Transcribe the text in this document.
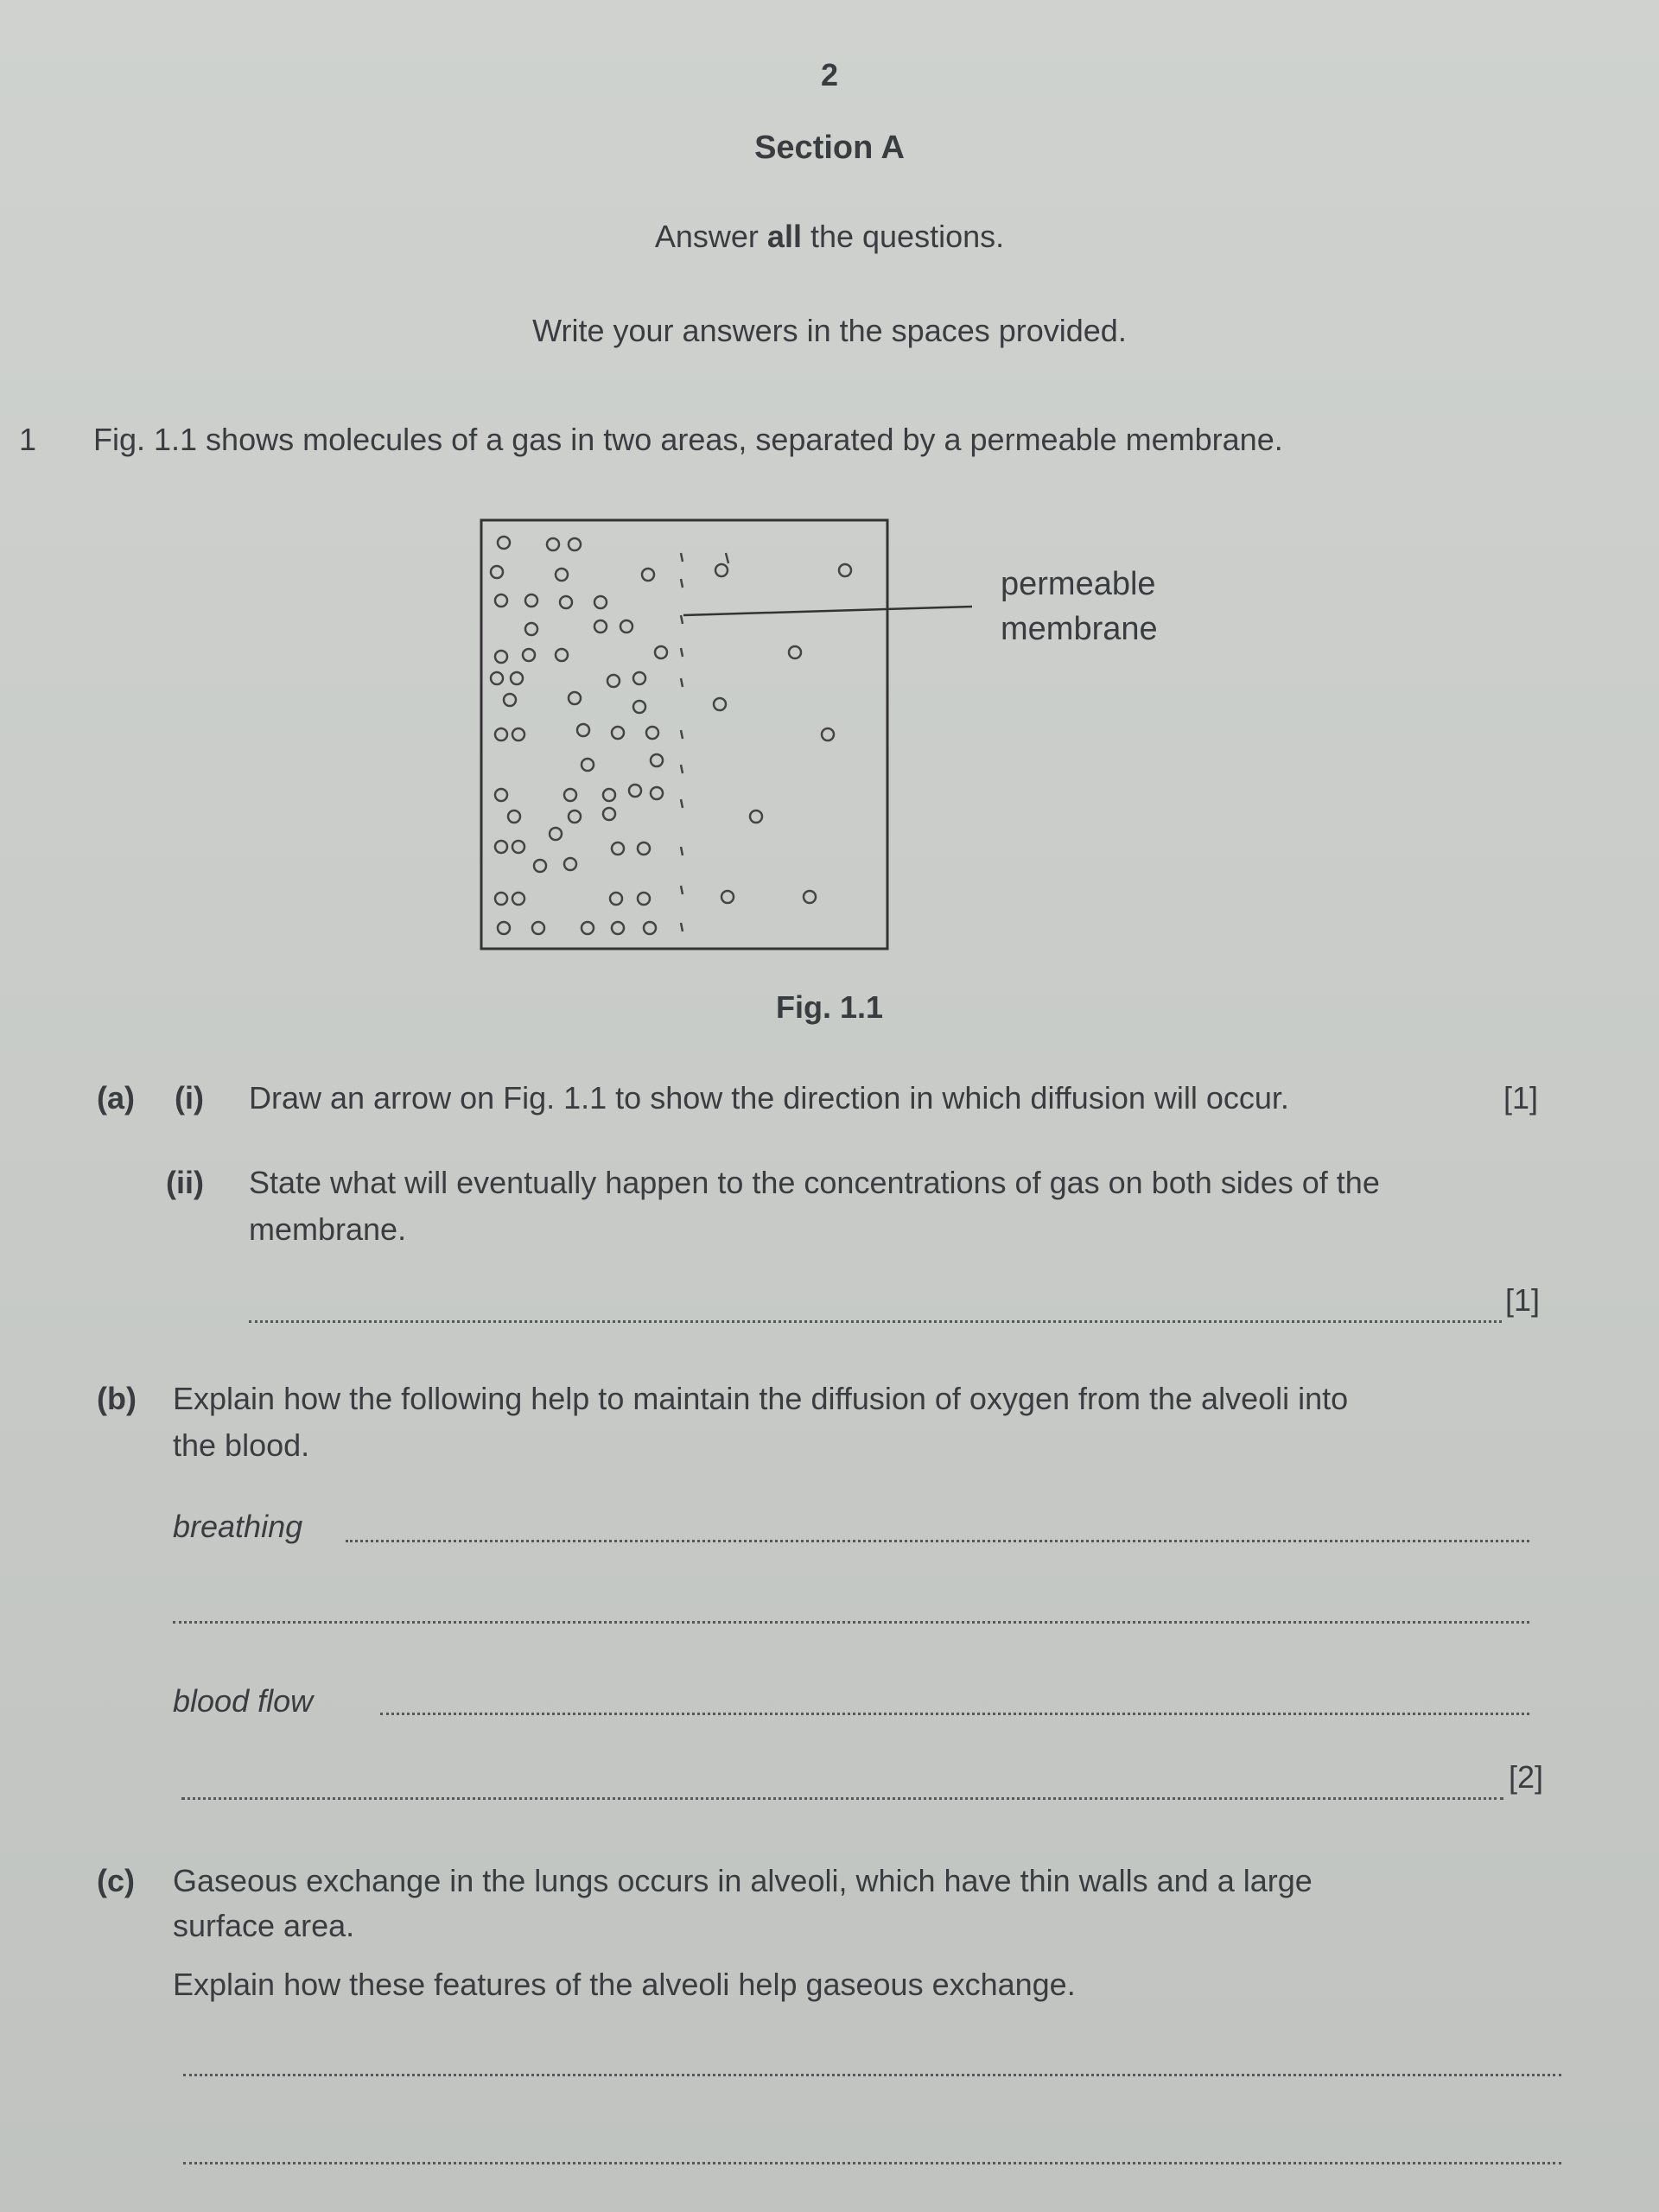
2
Section A
Answer all the questions.
Write your answers in the spaces provided.
1 Fig. 1.1 shows molecules of a gas in two areas, separated by a permeable membrane.
permeable
membrane
Fig. 1.1
(a) (i) Draw an arrow on Fig. 1.1 to show the direction in which diffusion will occur.	[1]
(ii) State what will eventually happen to the concentrations of gas on both sides of the
membrane.
[1]
(b) Explain how the following help to maintain the diffusion of oxygen from the alveoli into
the blood.
breathing
blood flow
[2]
(c) Gaseous exchange in the lungs occurs in alveoli, which have thin walls and a large
surface area.
Explain how these features of the alveoli help gaseous exchange.
